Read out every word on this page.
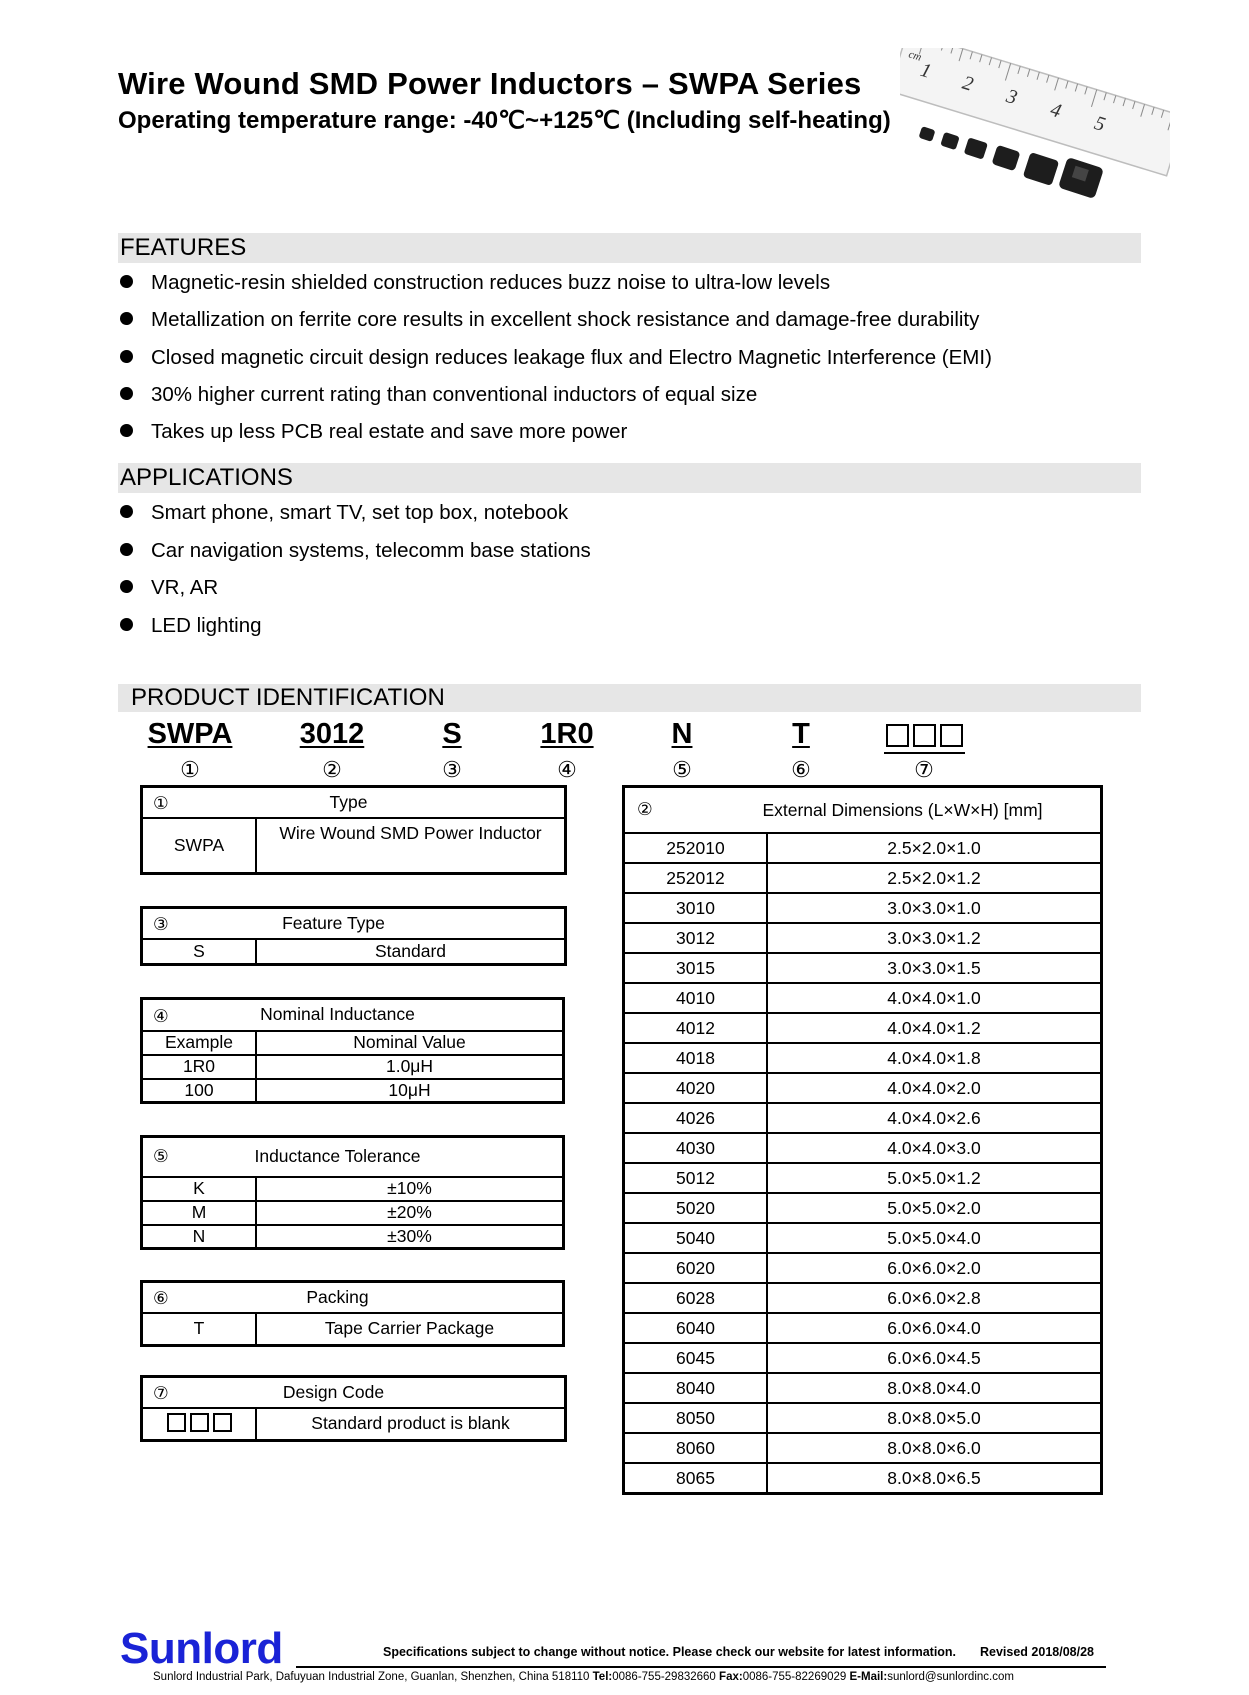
Wire Wound SMD Power Inductors – SWPA Series
Operating temperature range: -40℃~+125℃ (Including self-heating)
cm
1
2
3
4
5
FEATURES
Magnetic-resin shielded construction reduces buzz noise to ultra-low levels
Metallization on ferrite core results in excellent shock resistance and damage-free durability
Closed magnetic circuit design reduces leakage flux and Electro Magnetic Interference (EMI)
30% higher current rating than conventional inductors of equal size
Takes up less PCB real estate and save more power
APPLICATIONS
Smart phone, smart TV, set top box, notebook
Car navigation systems, telecomm base stations
VR, AR
LED lighting
PRODUCT IDENTIFICATION
SWPA	3012	S	1R0	N	T
①	②	③	④	⑤	⑥	⑦
①	Type

SWPA	Wire Wound SMD Power Inductor
③	Feature Type

S	Standard
④ Nominal Inductance	

Example	Nominal Value
1R0	1.0μH
100	10μH
⑤ Inductance Tolerance	

K	±10%
M	±20%
N	±30%
⑥	Packing

T	Tape Carrier Package
⑦	Design Code

	Standard product is blank
② External Dimensions (L×W×H) [mm]	

252010	2.5×2.0×1.0
252012	2.5×2.0×1.2
3010	3.0×3.0×1.0
3012	3.0×3.0×1.2
3015	3.0×3.0×1.5
4010	4.0×4.0×1.0
4012	4.0×4.0×1.2
4018	4.0×4.0×1.8
4020	4.0×4.0×2.0
4026	4.0×4.0×2.6
4030	4.0×4.0×3.0
5012	5.0×5.0×1.2
5020	5.0×5.0×2.0
5040	5.0×5.0×4.0
6020	6.0×6.0×2.0
6028	6.0×6.0×2.8
6040	6.0×6.0×4.0
6045	6.0×6.0×4.5
8040	8.0×8.0×4.0
8050	8.0×8.0×5.0
8060	8.0×8.0×6.0
8065	8.0×8.0×6.5
Sunlord	Specifications subject to change without notice. Please check our website for latest information. Revised 2018/08/28
Sunlord Industrial Park, Dafuyuan Industrial Zone, Guanlan, Shenzhen, China 518110 Tel:0086-755-29832660 Fax:0086-755-82269029 E-Mail:sunlord@sunlordinc.com
